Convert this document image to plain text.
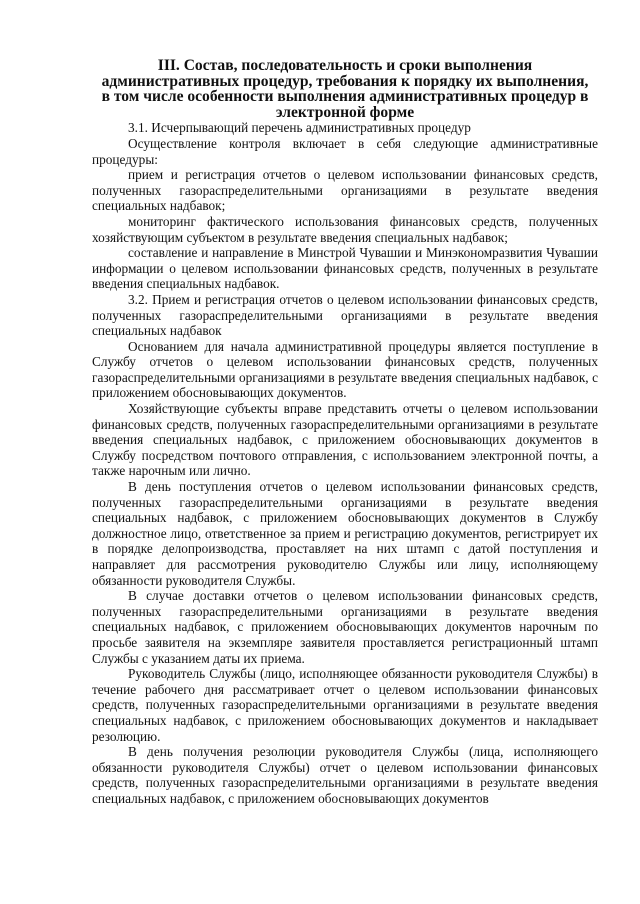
III. Состав, последовательность и сроки выполнения
административных процедур, требования к порядку их выполнения,
в том числе особенности выполнения административных процедур в
электронной форме

3.1. Исчерпывающий перечень административных процедур

Осуществление контроля включает в себя следующие административные процедуры:

прием и регистрация отчетов о целевом использовании финансовых средств, полученных газораспределительными организациями в результате введения специальных надбавок;

мониторинг фактического использования финансовых средств, полученных хозяйствующим субъектом в результате введения специальных надбавок;

составление и направление в Минстрой Чувашии и Минэкономразвития Чувашии информации о целевом использовании финансовых средств, полученных в результате введения специальных надбавок.

3.2. Прием и регистрация отчетов о целевом использовании финансовых средств, полученных газораспределительными организациями в результате введения специальных надбавок

Основанием для начала административной процедуры является поступление в Службу отчетов о целевом использовании финансовых средств, полученных газораспределительными организациями в результате введения специальных надбавок, с приложением обосновывающих документов.

Хозяйствующие субъекты вправе представить отчеты о целевом использовании финансовых средств, полученных газораспределительными организациями в результате введения специальных надбавок, с приложением обосновывающих документов в Службу посредством почтового отправления, с использованием электронной почты, а также нарочным или лично.

В день поступления отчетов о целевом использовании финансовых средств, полученных газораспределительными организациями в результате введения специальных надбавок, с приложением обосновывающих документов в Службу должностное лицо, ответственное за прием и регистрацию документов, регистрирует их в порядке делопроизводства, проставляет на них штамп с датой поступления и направляет для рассмотрения руководителю Службы или лицу, исполняющему обязанности руководителя Службы.

В случае доставки отчетов о целевом использовании финансовых средств, полученных газораспределительными организациями в результате введения специальных надбавок, с приложением обосновывающих документов нарочным по просьбе заявителя на экземпляре заявителя проставляется регистрационный штамп Службы с указанием даты их приема.

Руководитель Службы (лицо, исполняющее обязанности руководителя Службы) в течение рабочего дня рассматривает отчет о целевом использовании финансовых средств, полученных газораспределительными организациями в результате введения специальных надбавок, с приложением обосновывающих документов и накладывает резолюцию.

В день получения резолюции руководителя Службы (лица, исполняющего обязанности руководителя Службы) отчет о целевом использовании финансовых средств, полученных газораспределительными организациями в результате введения специальных надбавок, с приложением обосновывающих документов
